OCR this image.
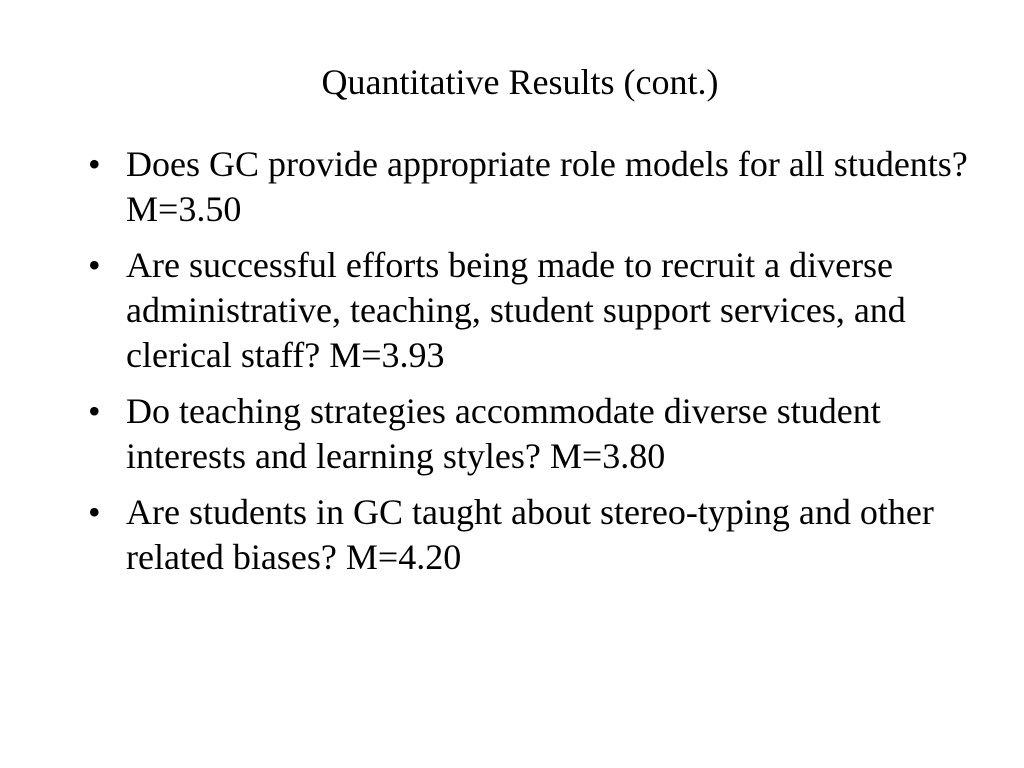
Quantitative Results (cont.)
• Does GC provide appropriate role models for all students? M=3.50
• Are successful efforts being made to recruit a diverse administrative, teaching, student support services, and clerical staff? M=3.93
• Do teaching strategies accommodate diverse student interests and learning styles? M=3.80
• Are students in GC taught about stereo-typing and other related biases? M=4.20
